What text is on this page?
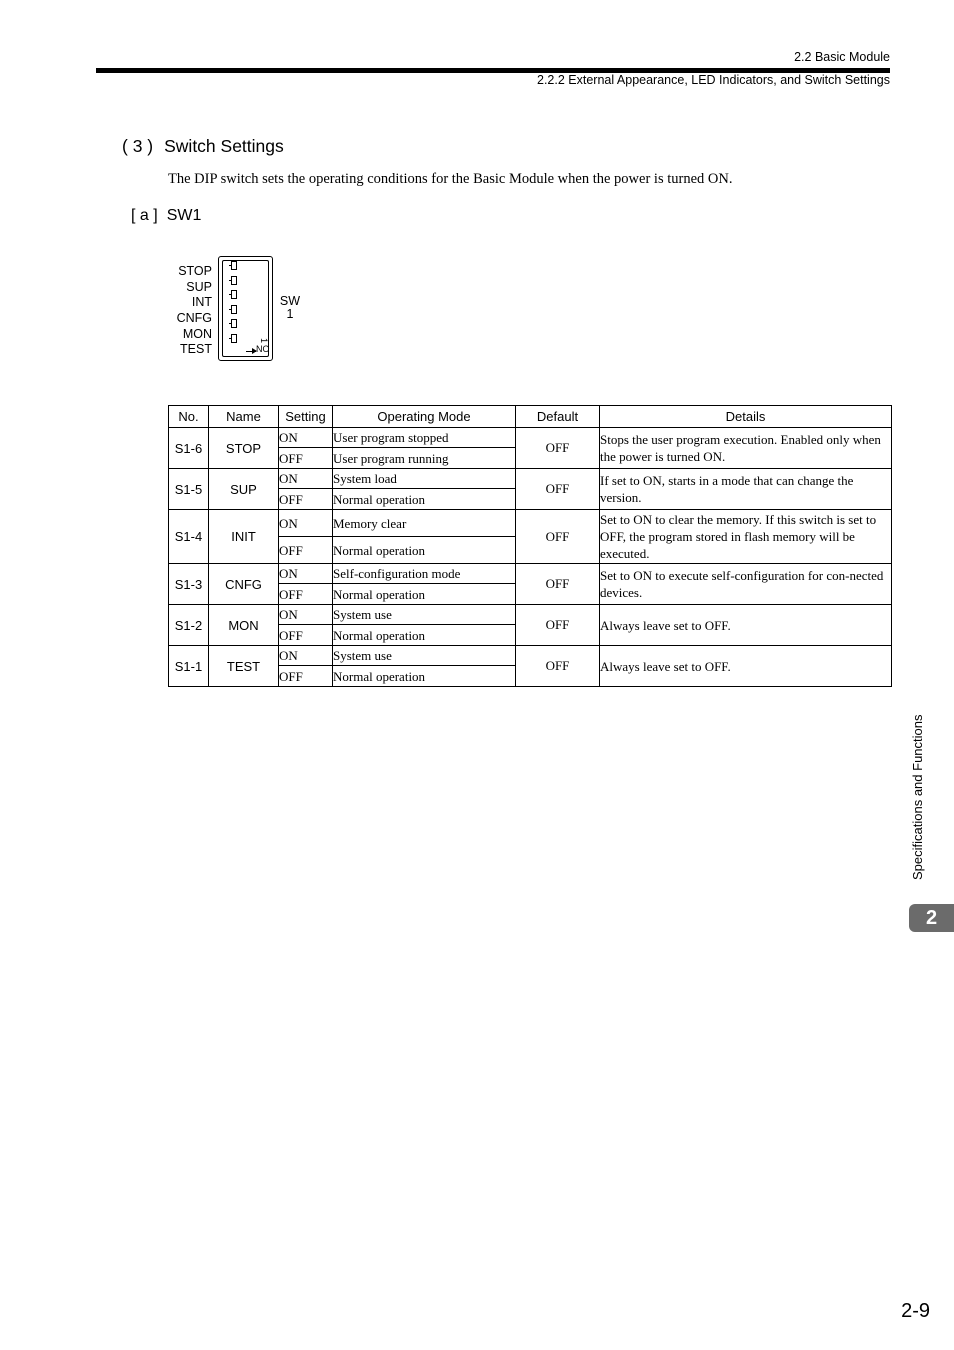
2.2 Basic Module
2.2.2 External Appearance, LED Indicators, and Switch Settings
( 3 ) Switch Settings
The DIP switch sets the operating conditions for the Basic Module when the power is turned ON.
[ a ] SW1
STOP
SUP
INT
CNFG
MON
TEST
1
NO
SW
1
No.	Name	Setting	Operating Mode	Default	Details
S1-6	STOP	ON	User program stopped	OFF	Stops the user program execution. Enabled only when the power is turned ON.
		OFF	User program running		
S1-5	SUP	ON	System load	OFF	If set to ON, starts in a mode that can change the version.
		OFF	Normal operation		
S1-4	INIT	ON	Memory clear	OFF	Set to ON to clear the memory. If this switch is set to OFF, the program stored in flash memory will be executed.
		OFF	Normal operation		
S1-3	CNFG	ON	Self-configuration mode	OFF	Set to ON to execute self-configuration for con-nected devices.
		OFF	Normal operation		
S1-2	MON	ON	System use	OFF	Always leave set to OFF.
		OFF	Normal operation		
S1-1	TEST	ON	System use	OFF	Always leave set to OFF.
		OFF	Normal operation		
Specifications and Functions
2
2-9
